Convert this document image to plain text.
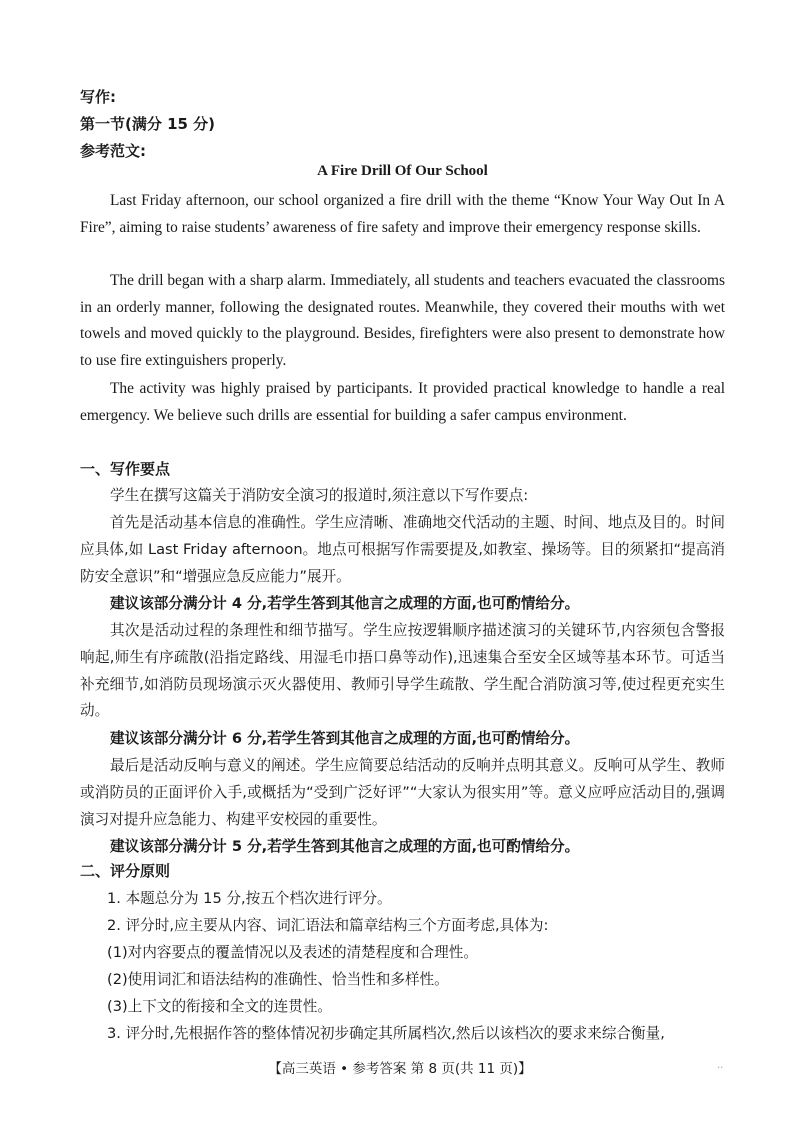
写作:
第一节(满分 15 分)
参考范文:
A Fire Drill Of Our School

Last Friday afternoon, our school organized a fire drill with the theme “Know Your Way Out In A Fire”, aiming to raise students’ awareness of fire safety and improve their emergency response skills.

The drill began with a sharp alarm. Immediately, all students and teachers evacuated the classrooms in an orderly manner, following the designated routes. Meanwhile, they covered their mouths with wet towels and moved quickly to the playground. Besides, firefighters were also present to demonstrate how to use fire extinguishers properly.

The activity was highly praised by participants. It provided practical knowledge to handle a real emergency. We believe such drills are essential for building a safer campus environment.

一、写作要点

学生在撰写这篇关于消防安全演习的报道时,须注意以下写作要点:

首先是活动基本信息的准确性。学生应清晰、准确地交代活动的主题、时间、地点及目的。时间应具体,如 Last Friday afternoon。地点可根据写作需要提及,如教室、操场等。目的须紧扣“提高消防安全意识”和“增强应急反应能力”展开。

建议该部分满分计 4 分,若学生答到其他言之成理的方面,也可酌情给分。

其次是活动过程的条理性和细节描写。学生应按逻辑顺序描述演习的关键环节,内容须包含警报响起,师生有序疏散(沿指定路线、用湿毛巾捂口鼻等动作),迅速集合至安全区域等基本环节。可适当补充细节,如消防员现场演示灭火器使用、教师引导学生疏散、学生配合消防演习等,使过程更充实生动。

建议该部分满分计 6 分,若学生答到其他言之成理的方面,也可酌情给分。

最后是活动反响与意义的阐述。学生应简要总结活动的反响并点明其意义。反响可从学生、教师或消防员的正面评价入手,或概括为“受到广泛好评”“大家认为很实用”等。意义应呼应活动目的,强调演习对提升应急能力、构建平安校园的重要性。

建议该部分满分计 5 分,若学生答到其他言之成理的方面,也可酌情给分。

二、评分原则
1. 本题总分为 15 分,按五个档次进行评分。
2. 评分时,应主要从内容、词汇语法和篇章结构三个方面考虑,具体为:
(1)对内容要点的覆盖情况以及表述的清楚程度和合理性。
(2)使用词汇和语法结构的准确性、恰当性和多样性。
(3)上下文的衔接和全文的连贯性。
3. 评分时,先根据作答的整体情况初步确定其所属档次,然后以该档次的要求来综合衡量,
【高三英语 • 参考答案 第 8 页(共 11 页)】	..
